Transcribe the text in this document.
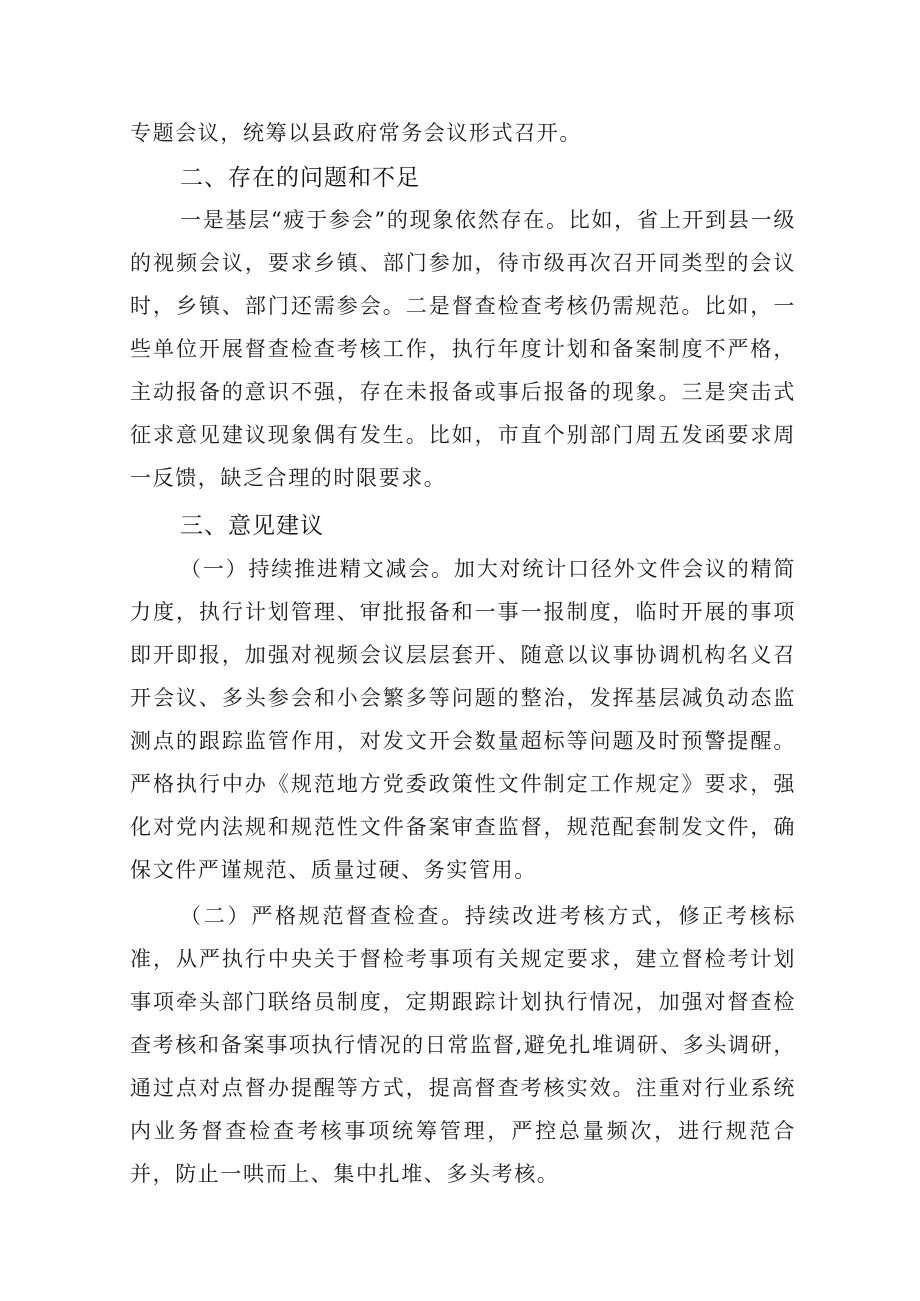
专题会议，统筹以县政府常务会议形式召开。

二、存在的问题和不足

一是基层“疲于参会”的现象依然存在。比如，省上开到县一级的视频会议，要求乡镇、部门参加，待市级再次召开同类型的会议时，乡镇、部门还需参会。二是督查检查考核仍需规范。比如，一些单位开展督查检查考核工作，执行年度计划和备案制度不严格，主动报备的意识不强，存在未报备或事后报备的现象。三是突击式征求意见建议现象偶有发生。比如，市直个别部门周五发函要求周一反馈，缺乏合理的时限要求。

三、意见建议

（一）持续推进精文减会。加大对统计口径外文件会议的精简力度，执行计划管理、审批报备和一事一报制度，临时开展的事项即开即报，加强对视频会议层层套开、随意以议事协调机构名义召开会议、多头参会和小会繁多等问题的整治，发挥基层减负动态监测点的跟踪监管作用，对发文开会数量超标等问题及时预警提醒。严格执行中办《规范地方党委政策性文件制定工作规定》要求，强化对党内法规和规范性文件备案审查监督，规范配套制发文件，确保文件严谨规范、质量过硬、务实管用。

（二）严格规范督查检查。持续改进考核方式，修正考核标准，从严执行中央关于督检考事项有关规定要求，建立督检考计划事项牵头部门联络员制度，定期跟踪计划执行情况，加强对督查检查考核和备案事项执行情况的日常监督,避免扎堆调研、多头调研，通过点对点督办提醒等方式，提高督查考核实效。注重对行业系统内业务督查检查考核事项统筹管理，严控总量频次，进行规范合并，防止一哄而上、集中扎堆、多头考核。
